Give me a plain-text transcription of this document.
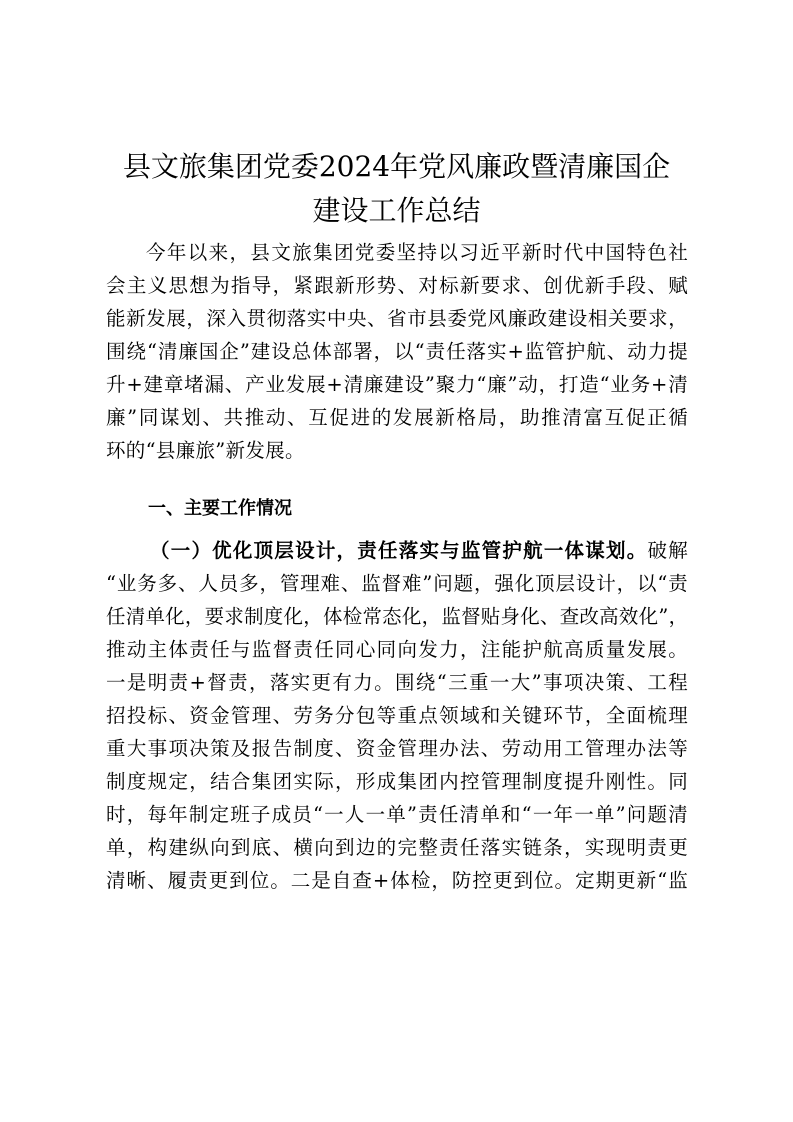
县文旅集团党委2024年党风廉政暨清廉国企
建设工作总结
今年以来，县文旅集团党委坚持以习近平新时代中国特色社
会主义思想为指导，紧跟新形势、对标新要求、创优新手段、赋
能新发展，深入贯彻落实中央、省市县委党风廉政建设相关要求，
围绕“清廉国企”建设总体部署，以“责任落实+监管护航、动力提
升+建章堵漏、产业发展+清廉建设”聚力“廉”动，打造“业务+清
廉”同谋划、共推动、互促进的发展新格局，助推清富互促正循
环的“县廉旅”新发展。
一、主要工作情况
（一）优化顶层设计，责任落实与监管护航一体谋划。破解
“业务多、人员多，管理难、监督难”问题，强化顶层设计，以“责
任清单化，要求制度化，体检常态化，监督贴身化、查改高效化”，
推动主体责任与监督责任同心同向发力，注能护航高质量发展。
一是明责+督责，落实更有力。围绕“三重一大”事项决策、工程
招投标、资金管理、劳务分包等重点领域和关键环节，全面梳理
重大事项决策及报告制度、资金管理办法、劳动用工管理办法等
制度规定，结合集团实际，形成集团内控管理制度提升刚性。同
时，每年制定班子成员“一人一单”责任清单和“一年一单”问题清
单，构建纵向到底、横向到边的完整责任落实链条，实现明责更
清晰、履责更到位。二是自查+体检，防控更到位。定期更新“监
